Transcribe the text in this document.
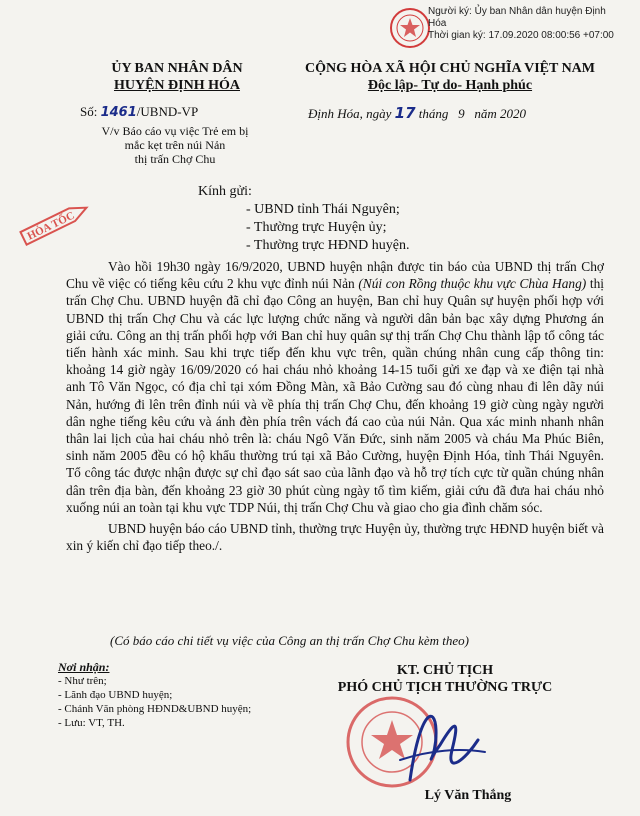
Người ký: Ủy ban Nhân dân huyện Định
Hóa
Thời gian ký: 17.09.2020 08:00:56 +07:00
ỦY BAN NHÂN DÂN
HUYỆN ĐỊNH HÓA
CỘNG HÒA XÃ HỘI CHỦ NGHĨA VIỆT NAM
Độc lập- Tự do- Hạnh phúc
Số: 1461/UBND-VP	Định Hóa, ngày 17 tháng 9 năm 2020
V/v Báo cáo vụ việc Trẻ em bị
mắc kẹt trên núi Nản
thị trấn Chợ Chu
HỎA TỐC
Kính gửi:
- UBND tỉnh Thái Nguyên;
- Thường trực Huyện ủy;
- Thường trực HĐND huyện.

Vào hồi 19h30 ngày 16/9/2020, UBND huyện nhận được tin báo của UBND thị trấn Chợ Chu về việc có tiếng kêu cứu 2 khu vực đỉnh núi Nản (Núi con Rồng thuộc khu vực Chùa Hang) thị trấn Chợ Chu. UBND huyện đã chỉ đạo Công an huyện, Ban chỉ huy Quân sự huyện phối hợp với UBND thị trấn Chợ Chu và các lực lượng chức năng và người dân bản bạc xây dựng Phương án giải cứu. Công an thị trấn phối hợp với Ban chỉ huy quân sự thị trấn Chợ Chu thành lập tổ công tác tiến hành xác minh. Sau khi trực tiếp đến khu vực trên, quần chúng nhân cung cấp thông tin: khoảng 14 giờ ngày 16/09/2020 có hai cháu nhỏ khoảng 14-15 tuổi gửi xe đạp và xe điện tại nhà anh Tô Văn Ngọc, có địa chỉ tại xóm Đồng Màn, xã Bảo Cường sau đó cùng nhau đi lên dãy núi Nản, hướng đi lên trên đỉnh núi và về phía thị trấn Chợ Chu, đến khoảng 19 giờ cùng ngày người dân nghe tiếng kêu cứu và ánh đèn phía trên vách đá cao của núi Nản. Qua xác minh nhanh nhân thân lai lịch của hai cháu nhỏ trên là: cháu Ngô Văn Đức, sinh năm 2005 và cháu Ma Phúc Biên, sinh năm 2005 đều có hộ khẩu thường trú tại xã Bảo Cường, huyện Định Hóa, tỉnh Thái Nguyên. Tổ công tác được nhận được sự chỉ đạo sát sao của lãnh đạo và hỗ trợ tích cực từ quần chúng nhân dân trên địa bàn, đến khoảng 23 giờ 30 phút cùng ngày tổ tìm kiếm, giải cứu đã đưa hai cháu nhỏ xuống núi an toàn tại khu vực TDP Núi, thị trấn Chợ Chu và giao cho gia đình chăm sóc.

UBND huyện báo cáo UBND tỉnh, thường trực Huyện ủy, thường trực HĐND huyện biết và xin ý kiến chỉ đạo tiếp theo./.

(Có báo cáo chi tiết vụ việc của Công an thị trấn Chợ Chu kèm theo)
Nơi nhận:
- Như trên;
- Lãnh đạo UBND huyện;
- Chánh Văn phòng HĐND&UBND huyện;
- Lưu: VT, TH.
KT. CHỦ TỊCH
PHÓ CHỦ TỊCH THƯỜNG TRỰC
Lý Văn Thắng
